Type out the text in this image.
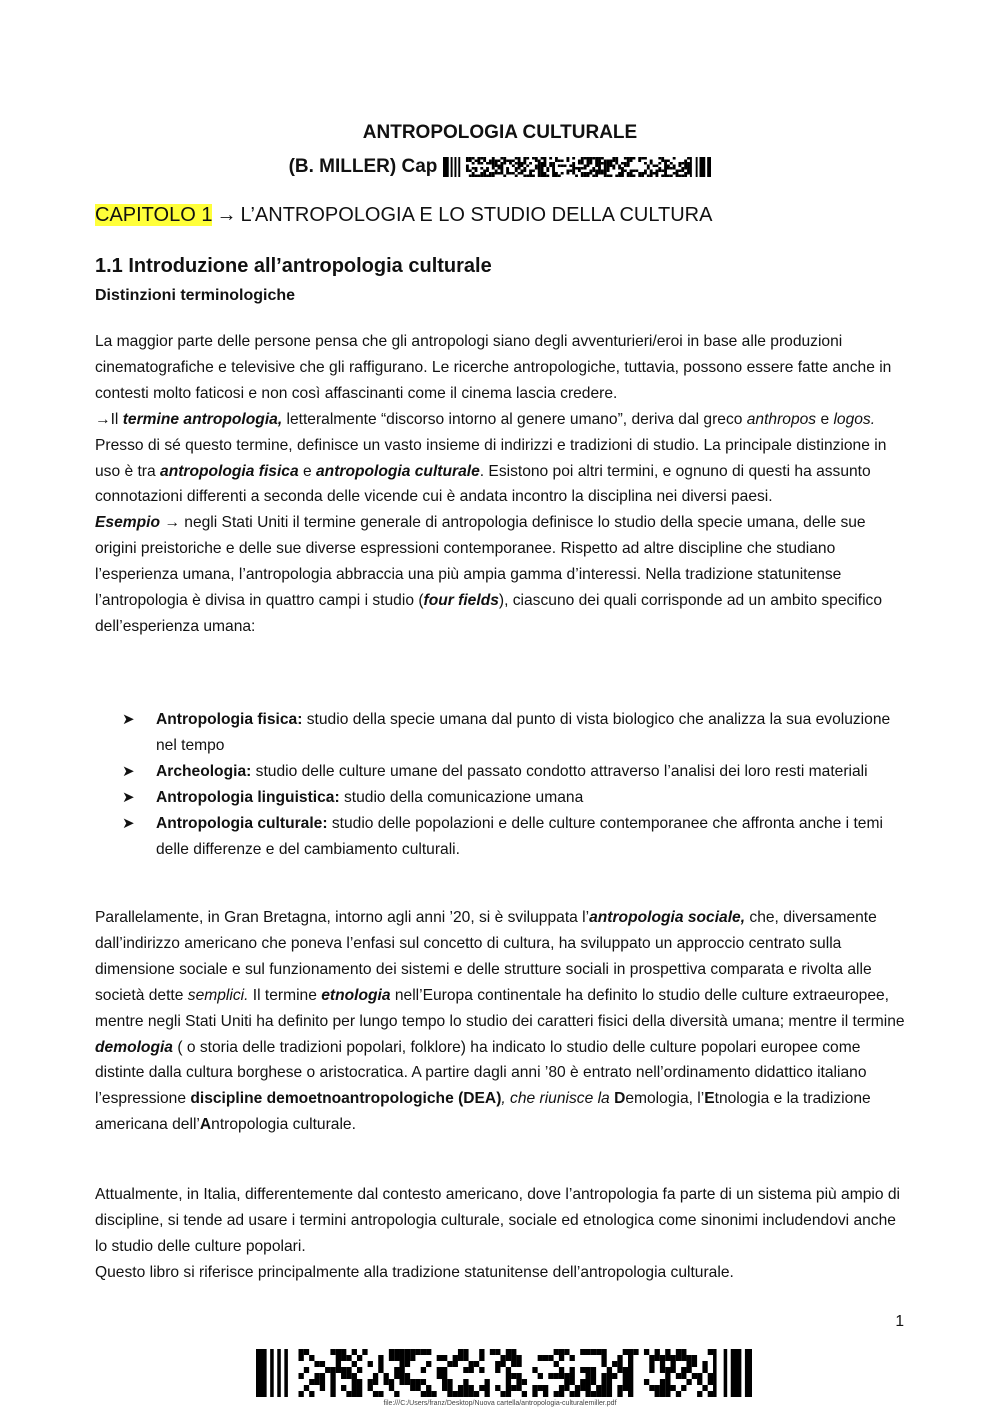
ANTROPOLOGIA CULTURALE
(B. MILLER) Cap
CAPITOLO 1 → L’ANTROPOLOGIA E LO STUDIO DELLA CULTURA
1.1 Introduzione all’antropologia culturale
Distinzioni terminologiche

La maggior parte delle persone pensa che gli antropologi siano degli avventurieri/eroi in base alle produzioni cinematografiche e televisive che gli raffigurano. Le ricerche antropologiche, tuttavia, possono essere fatte anche in contesti molto faticosi e non così affascinanti come il cinema lascia credere.

→Il termine antropologia, letteralmente “discorso intorno al genere umano”, deriva dal greco anthropos e logos.

Presso di sé questo termine, definisce un vasto insieme di indirizzi e tradizioni di studio. La principale distinzione in uso è tra antropologia fisica e antropologia culturale. Esistono poi altri termini, e ognuno di questi ha assunto connotazioni differenti a seconda delle vicende cui è andata incontro la disciplina nei diversi paesi.

Esempio → negli Stati Uniti il termine generale di antropologia definisce lo studio della specie umana, delle sue origini preistoriche e delle sue diverse espressioni contemporanee. Rispetto ad altre discipline che studiano l’esperienza umana, l’antropologia abbraccia una più ampia gamma d’interessi. Nella tradizione statunitense l’antropologia è divisa in quattro campi i studio (four fields), ciascuno dei quali corrisponde ad un ambito specifico dell’esperienza umana:

➤ Antropologia fisica: studio della specie umana dal punto di vista biologico che analizza la sua evoluzione nel tempo
➤ Archeologia: studio delle culture umane del passato condotto attraverso l’analisi dei loro resti materiali
➤ Antropologia linguistica: studio della comunicazione umana
➤ Antropologia culturale: studio delle popolazioni e delle culture contemporanee che affronta anche i temi delle differenze e del cambiamento culturali.

Parallelamente, in Gran Bretagna, intorno agli anni ’20, si è sviluppata l’antropologia sociale, che, diversamente dall’indirizzo americano che poneva l’enfasi sul concetto di cultura, ha sviluppato un approccio centrato sulla dimensione sociale e sul funzionamento dei sistemi e delle strutture sociali in prospettiva comparata e rivolta alle società dette semplici. Il termine etnologia nell’Europa continentale ha definito lo studio delle culture extraeuropee, mentre negli Stati Uniti ha definito per lungo tempo lo studio dei caratteri fisici della diversità umana; mentre il termine demologia ( o storia delle tradizioni popolari, folklore) ha indicato lo studio delle culture popolari europee come distinte dalla cultura borghese o aristocratica. A partire dagli anni ’80 è entrato nell’ordinamento didattico italiano l’espressione discipline demoetnoantropologiche (DEA), che riunisce la Demologia, l’Etnologia e la tradizione americana dell’Antropologia culturale.

Attualmente, in Italia, differentemente dal contesto americano, dove l’antropologia fa parte di un sistema più ampio di discipline, si tende ad usare i termini antropologia culturale, sociale ed etnologica come sinonimi includendovi anche lo studio delle culture popolari.

Questo libro si riferisce principalmente alla tradizione statunitense dell’antropologia culturale.

1
file:///C:/Users/franz/Desktop/Nuova cartella/antropologia-culturalemiller.pdf
